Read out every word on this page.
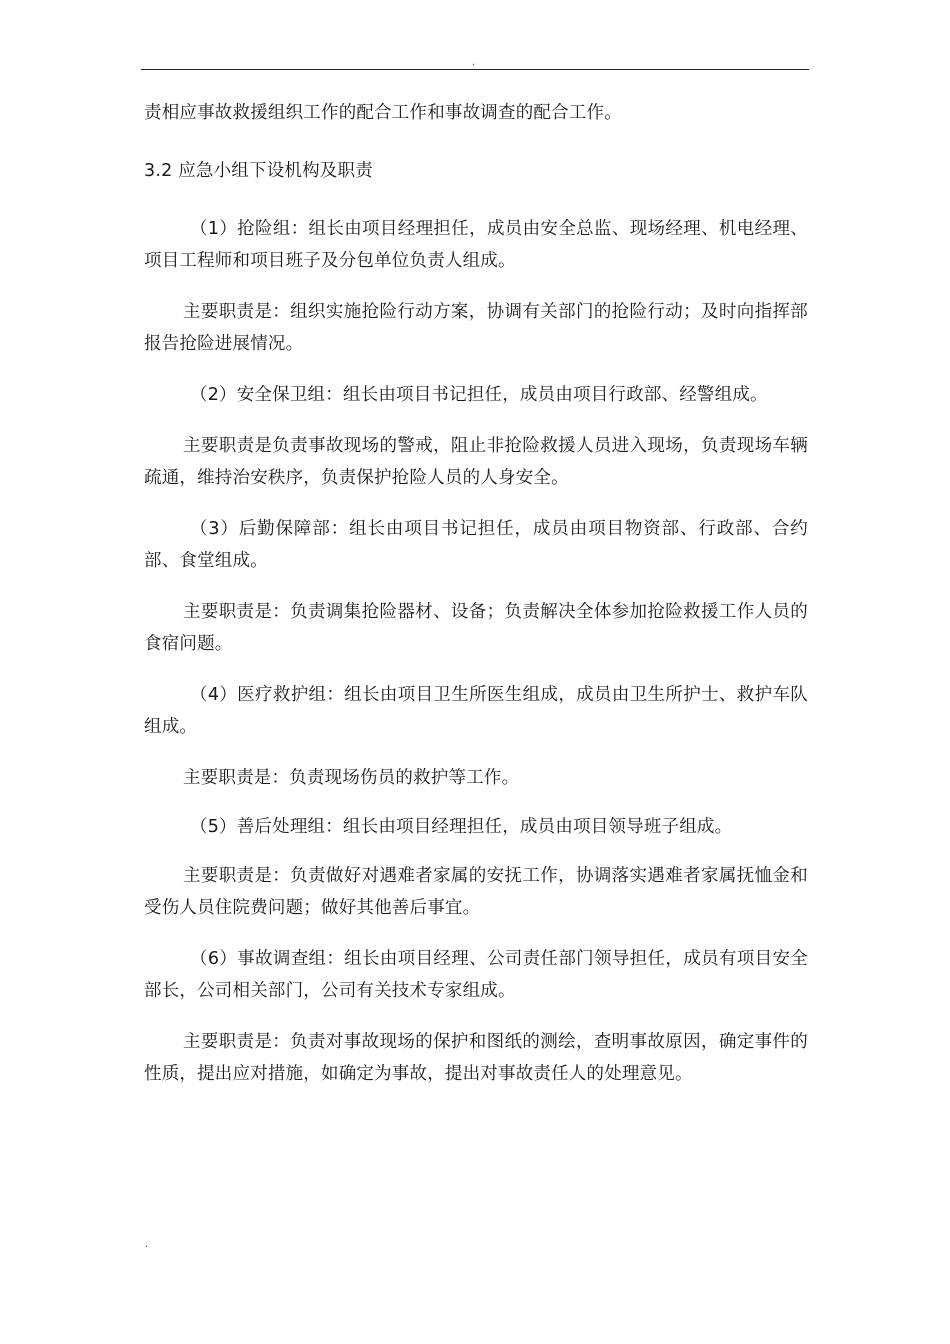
.

责相应事故救援组织工作的配合工作和事故调查的配合工作。

3.2 应急小组下设机构及职责

（1）抢险组：组长由项目经理担任，成员由安全总监、现场经理、机电经理、项目工程师和项目班子及分包单位负责人组成。

主要职责是：组织实施抢险行动方案，协调有关部门的抢险行动；及时向指挥部报告抢险进展情况。

（2）安全保卫组：组长由项目书记担任，成员由项目行政部、经警组成。

主要职责是负责事故现场的警戒，阻止非抢险救援人员进入现场，负责现场车辆疏通，维持治安秩序，负责保护抢险人员的人身安全。

（3）后勤保障部：组长由项目书记担任，成员由项目物资部、行政部、合约部、食堂组成。

主要职责是：负责调集抢险器材、设备；负责解决全体参加抢险救援工作人员的食宿问题。

（4）医疗救护组：组长由项目卫生所医生组成，成员由卫生所护士、救护车队组成。

主要职责是：负责现场伤员的救护等工作。

（5）善后处理组：组长由项目经理担任，成员由项目领导班子组成。

主要职责是：负责做好对遇难者家属的安抚工作，协调落实遇难者家属抚恤金和受伤人员住院费问题；做好其他善后事宜。

（6）事故调查组：组长由项目经理、公司责任部门领导担任，成员有项目安全部长，公司相关部门，公司有关技术专家组成。

主要职责是：负责对事故现场的保护和图纸的测绘，查明事故原因，确定事件的性质，提出应对措施，如确定为事故，提出对事故责任人的处理意见。

.
